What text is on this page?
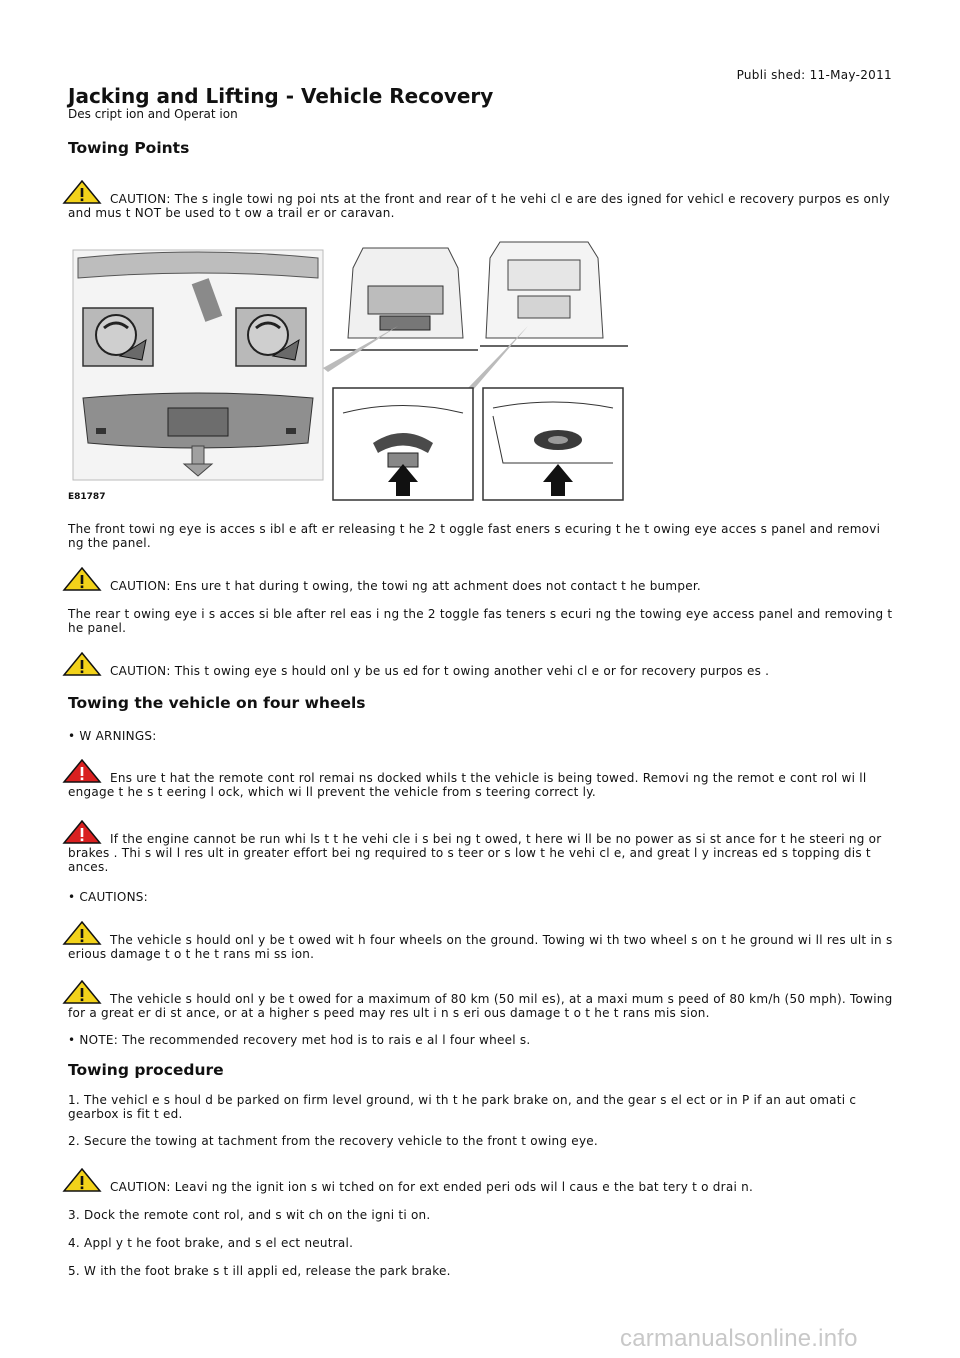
Publi shed: 11-May-2011
Jacking and Lifting - Vehicle Recovery
Des cript ion and Operat ion
Towing Points
CAUTION: The s ingle towi ng poi nts at the front and rear of t he vehi cl e are des igned for vehicl e recovery purpos es only and mus t NOT be used to t ow a trail er or caravan.
E81787
The front towi ng eye is acces s ibl e aft er releasing t he 2 t oggle fast eners s ecuring t he t owing eye acces s panel and removi ng the panel.
CAUTION: Ens ure t hat during t owing, the towi ng att achment does not contact t he bumper.
The rear t owing eye i s acces si ble after rel eas i ng the 2 toggle fas teners s ecuri ng the towing eye access panel and removing t he panel.
CAUTION: This t owing eye s hould onl y be us ed for t owing another vehi cl e or for recovery purpos es .
Towing the vehicle on four wheels
• W ARNINGS:
Ens ure t hat the remote cont rol remai ns docked whils t the vehicle is being towed. Removi ng the remot e cont rol wi ll engage t he s t eering l ock, which wi ll prevent the vehicle from s teering correct ly.
If the engine cannot be run whi ls t t he vehi cle i s bei ng t owed, t here wi ll be no power as si st ance for t he steeri ng or brakes . Thi s wil l res ult in greater effort bei ng required to s teer or s low t he vehi cl e, and great l y increas ed s topping dis t ances.
• CAUTIONS:
The vehicle s hould onl y be t owed wit h four wheels on the ground. Towing wi th two wheel s on t he ground wi ll res ult in s erious damage t o t he t rans mi ss ion.
The vehicle s hould onl y be t owed for a maximum of 80 km (50 mil es), at a maxi mum s peed of 80 km/h (50 mph). Towing for a great er di st ance, or at a higher s peed may res ult i n s eri ous damage t o t he t rans mis sion.
• NOTE: The recommended recovery met hod is to rais e al l four wheel s.
Towing procedure
1. The vehicl e s houl d be parked on firm level ground, wi th t he park brake on, and the gear s el ect or in P if an aut omati c gearbox is fit t ed.
2. Secure the towing at tachment from the recovery vehicle to the front t owing eye.
CAUTION: Leavi ng the ignit ion s wi tched on for ext ended peri ods wil l caus e the bat tery t o drai n.
3. Dock the remote cont rol, and s wit ch on the igni ti on.
4. Appl y t he foot brake, and s el ect neutral.
5. W ith the foot brake s t ill appli ed, release the park brake.
carmanualsonline.info
